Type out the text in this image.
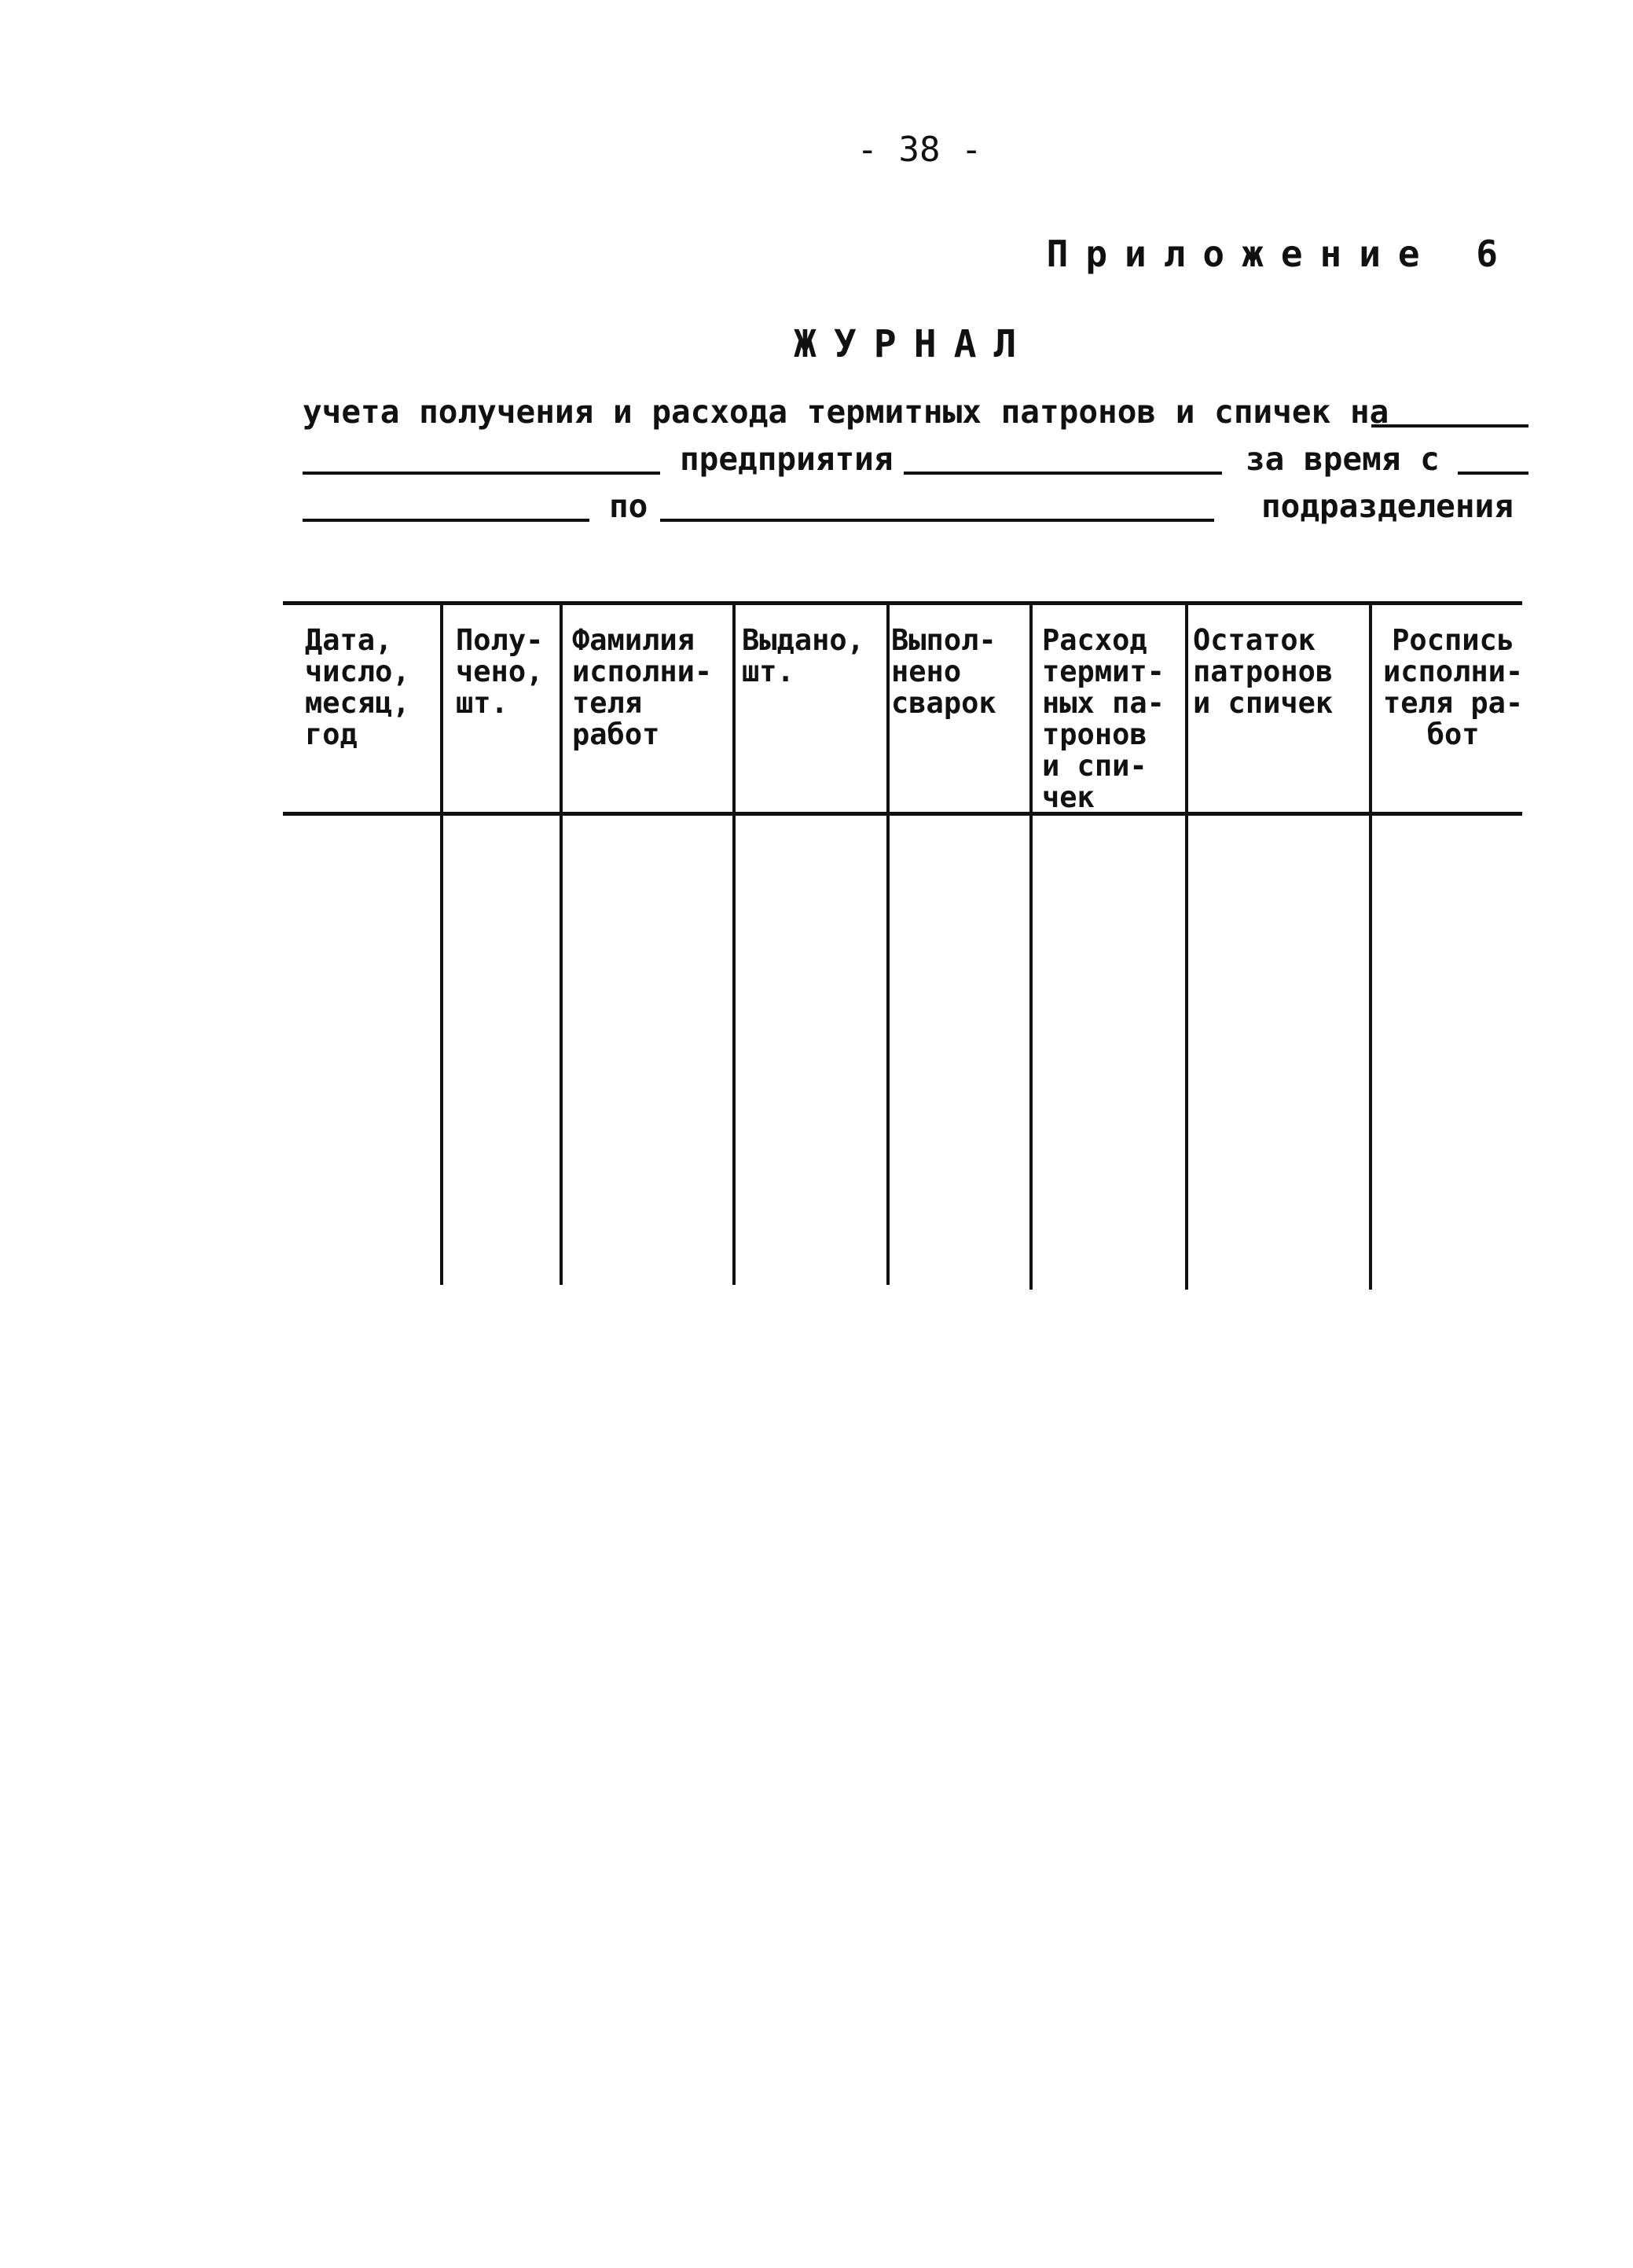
- 38 -
Приложение 6
ЖУРНАЛ
учета получения и расхода термитных патронов и спичек на
предприятия	за время с
по	подразделения
Дата,
число,
месяц,
год
Полу-
чено,
шт.
Фамилия
исполни-
теля
работ
Выдано,
шт.
Выпол-
нено
сварок
Расход
термит-
ных па-
тронов
и спи-
чек
Остаток
патронов
и спичек
Роспись
исполни-
теля ра-
бот
